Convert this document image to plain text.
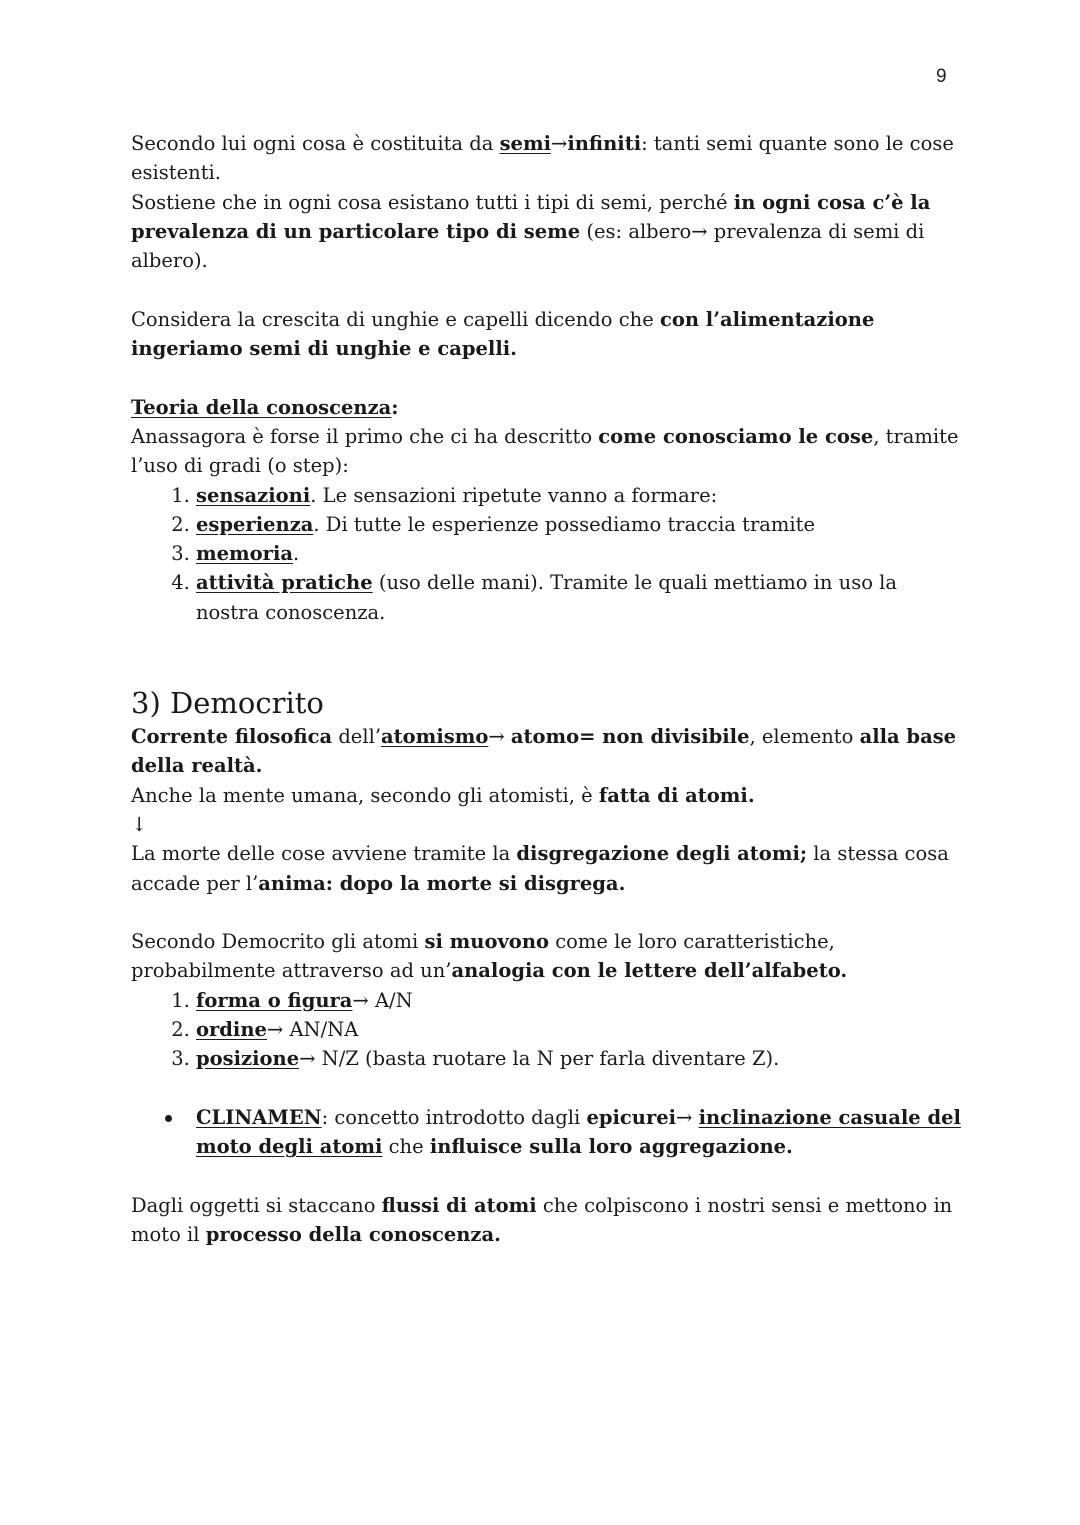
9

Secondo lui ogni cosa è costituita da semi→infiniti: tanti semi quante sono le cose esistenti.

Sostiene che in ogni cosa esistano tutti i tipi di semi, perché in ogni cosa c’è la prevalenza di un particolare tipo di seme (es: albero→ prevalenza di semi di albero).

Considera la crescita di unghie e capelli dicendo che con l’alimentazione ingeriamo semi di unghie e capelli.

Teoria della conoscenza:

Anassagora è forse il primo che ci ha descritto come conosciamo le cose, tramite l’uso di gradi (o step):

1. sensazioni. Le sensazioni ripetute vanno a formare:
2. esperienza. Di tutte le esperienze possediamo traccia tramite
3. memoria.
4. attività pratiche (uso delle mani). Tramite le quali mettiamo in uso la nostra conoscenza.
3) Democrito

Corrente filosofica dell’atomismo→ atomo= non divisibile, elemento alla base della realtà.

Anche la mente umana, secondo gli atomisti, è fatta di atomi.

↓

La morte delle cose avviene tramite la disgregazione degli atomi; la stessa cosa accade per l’anima: dopo la morte si disgrega.

Secondo Democrito gli atomi si muovono come le loro caratteristiche, probabilmente attraverso ad un’analogia con le lettere dell’alfabeto.

1. forma o figura→ A/N
2. ordine→ AN/NA
3. posizione→ N/Z (basta ruotare la N per farla diventare Z).
CLINAMEN: concetto introdotto dagli epicurei→ inclinazione casuale del moto degli atomi che influisce sulla loro aggregazione.

Dagli oggetti si staccano flussi di atomi che colpiscono i nostri sensi e mettono in moto il processo della conoscenza.
